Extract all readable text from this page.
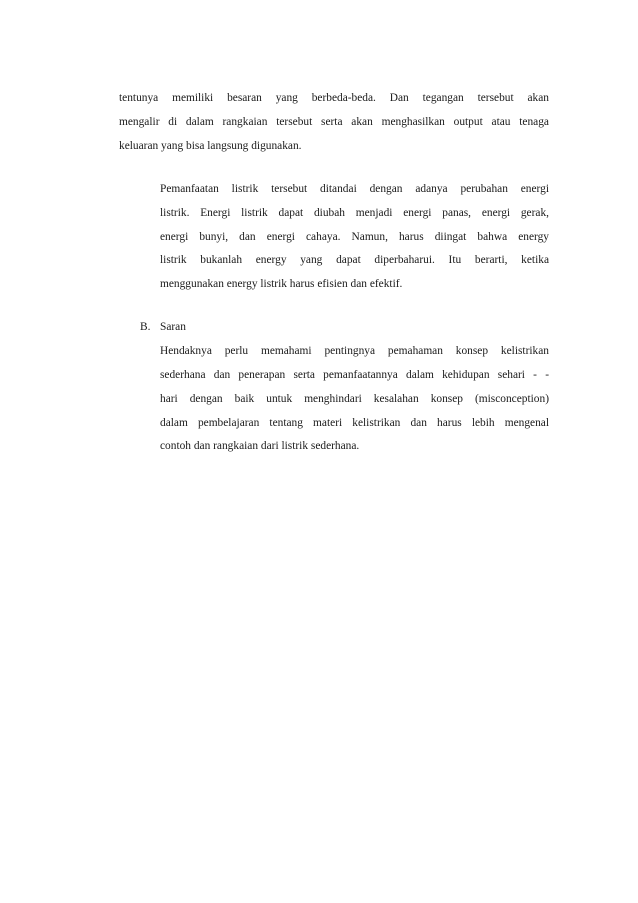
tentunya memiliki besaran yang berbeda-beda. Dan tegangan tersebut akan
mengalir di dalam rangkaian tersebut serta akan menghasilkan output atau tenaga
keluaran yang bisa langsung digunakan.
Pemanfaatan listrik tersebut ditandai dengan adanya perubahan energi
listrik. Energi listrik dapat diubah menjadi energi panas, energi gerak,
energi bunyi, dan energi cahaya. Namun, harus diingat bahwa energy
listrik bukanlah energy yang dapat diperbaharui. Itu berarti, ketika
menggunakan energy listrik harus efisien dan efektif.
B. Saran
Hendaknya perlu memahami pentingnya pemahaman konsep kelistrikan
sederhana dan penerapan serta pemanfaatannya dalam kehidupan sehari - -
hari dengan baik untuk menghindari kesalahan konsep (misconception)
dalam pembelajaran tentang materi kelistrikan dan harus lebih mengenal
contoh dan rangkaian dari listrik sederhana.
